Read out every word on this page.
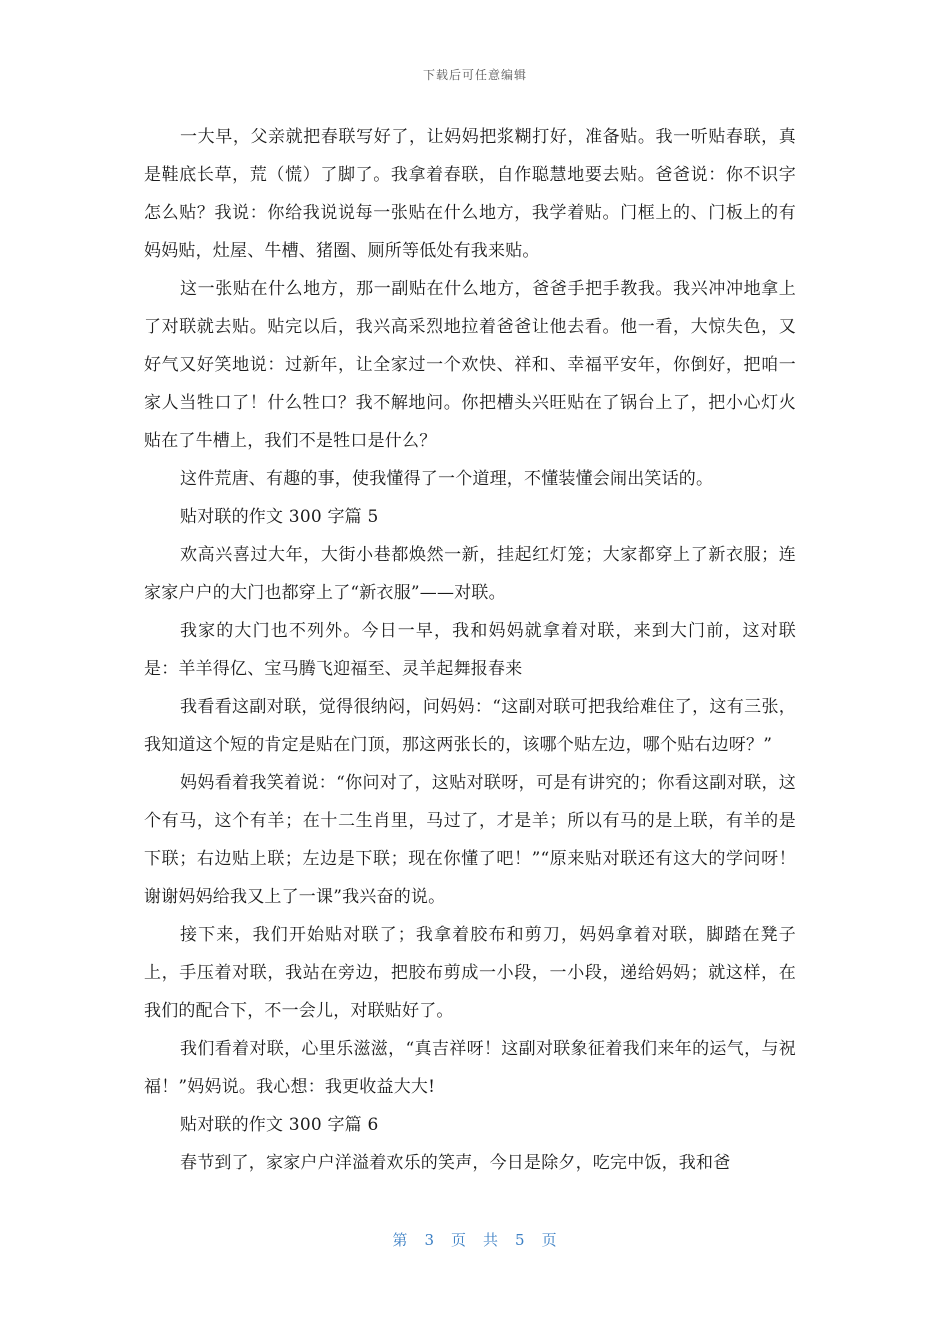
下载后可任意编辑

一大早，父亲就把春联写好了，让妈妈把浆糊打好，准备贴。我一听贴春联，真是鞋底长草，荒（慌）了脚了。我拿着春联，自作聪慧地要去贴。爸爸说：你不识字怎么贴？我说：你给我说说每一张贴在什么地方，我学着贴。门框上的、门板上的有妈妈贴，灶屋、牛槽、猪圈、厕所等低处有我来贴。

这一张贴在什么地方，那一副贴在什么地方，爸爸手把手教我。我兴冲冲地拿上了对联就去贴。贴完以后，我兴高采烈地拉着爸爸让他去看。他一看，大惊失色，又好气又好笑地说：过新年，让全家过一个欢快、祥和、幸福平安年，你倒好，把咱一家人当牲口了！什么牲口？我不解地问。你把槽头兴旺贴在了锅台上了，把小心灯火贴在了牛槽上，我们不是牲口是什么？

这件荒唐、有趣的事，使我懂得了一个道理，不懂装懂会闹出笑话的。

贴对联的作文 300 字篇 5

欢高兴喜过大年，大街小巷都焕然一新，挂起红灯笼；大家都穿上了新衣服；连家家户户的大门也都穿上了“新衣服”——对联。

我家的大门也不列外。今日一早，我和妈妈就拿着对联，来到大门前，这对联是：羊羊得亿、宝马腾飞迎福至、灵羊起舞报春来

我看看这副对联，觉得很纳闷，问妈妈：“这副对联可把我给难住了，这有三张，我知道这个短的肯定是贴在门顶，那这两张长的，该哪个贴左边，哪个贴右边呀？”

妈妈看着我笑着说：“你问对了，这贴对联呀，可是有讲究的；你看这副对联，这个有马，这个有羊；在十二生肖里，马过了，才是羊；所以有马的是上联，有羊的是下联；右边贴上联；左边是下联；现在你懂了吧！”“原来贴对联还有这大的学问呀！谢谢妈妈给我又上了一课”我兴奋的说。

接下来，我们开始贴对联了；我拿着胶布和剪刀，妈妈拿着对联，脚踏在凳子上，手压着对联，我站在旁边，把胶布剪成一小段，一小段，递给妈妈；就这样，在我们的配合下，不一会儿，对联贴好了。

我们看着对联，心里乐滋滋，“真吉祥呀！这副对联象征着我们来年的运气，与祝福！”妈妈说。我心想：我更收益大大!

贴对联的作文 300 字篇 6

春节到了，家家户户洋溢着欢乐的笑声，今日是除夕，吃完中饭，我和爸

第 3 页 共 5 页
